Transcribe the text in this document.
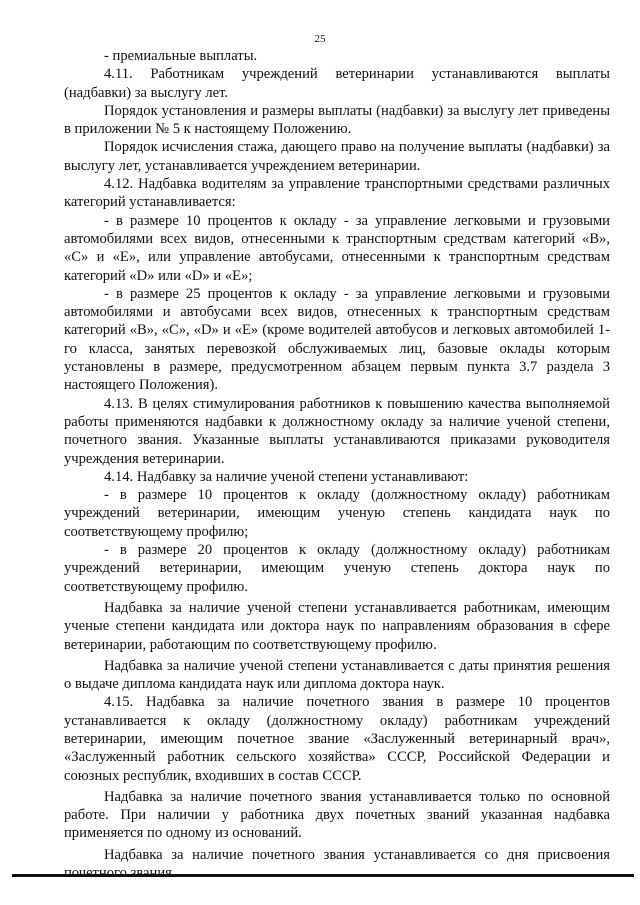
25

- премиальные выплаты.

4.11. Работникам учреждений ветеринарии устанавливаются выплаты (надбавки) за выслугу лет.

Порядок установления и размеры выплаты (надбавки) за выслугу лет приведены в приложении № 5 к настоящему Положению.

Порядок исчисления стажа, дающего право на получение выплаты (надбавки) за выслугу лет, устанавливается учреждением ветеринарии.

4.12. Надбавка водителям за управление транспортными средствами различных категорий устанавливается:

- в размере 10 процентов к окладу - за управление легковыми и грузовыми автомобилями всех видов, отнесенными к транспортным средствам категорий «В», «С» и «Е», или управление автобусами, отнесенными к транспортным средствам категорий «D» или «D» и «Е»;

- в размере 25 процентов к окладу - за управление легковыми и грузовыми автомобилями и автобусами всех видов, отнесенных к транспортным средствам категорий «В», «С», «D» и «Е» (кроме водителей автобусов и легковых автомобилей 1-го класса, занятых перевозкой обслуживаемых лиц, базовые оклады которым установлены в размере, предусмотренном абзацем первым пункта 3.7 раздела 3 настоящего Положения).

4.13. В целях стимулирования работников к повышению качества выполняемой работы применяются надбавки к должностному окладу за наличие ученой степени, почетного звания. Указанные выплаты устанавливаются приказами руководителя учреждения ветеринарии.

4.14. Надбавку за наличие ученой степени устанавливают:

- в размере 10 процентов к окладу (должностному окладу) работникам учреждений ветеринарии, имеющим ученую степень кандидата наук по соответствующему профилю;

- в размере 20 процентов к окладу (должностному окладу) работникам учреждений ветеринарии, имеющим ученую степень доктора наук по соответствующему профилю.

Надбавка за наличие ученой степени устанавливается работникам, имеющим ученые степени кандидата или доктора наук по направлениям образования в сфере ветеринарии, работающим по соответствующему профилю.

Надбавка за наличие ученой степени устанавливается с даты принятия решения о выдаче диплома кандидата наук или диплома доктора наук.

4.15. Надбавка за наличие почетного звания в размере 10 процентов устанавливается к окладу (должностному окладу) работникам учреждений ветеринарии, имеющим почетное звание «Заслуженный ветеринарный врач», «Заслуженный работник сельского хозяйства» СССР, Российской Федерации и союзных республик, входивших в состав СССР.

Надбавка за наличие почетного звания устанавливается только по основной работе. При наличии у работника двух почетных званий указанная надбавка применяется по одному из оснований.

Надбавка за наличие почетного звания устанавливается со дня присвоения
